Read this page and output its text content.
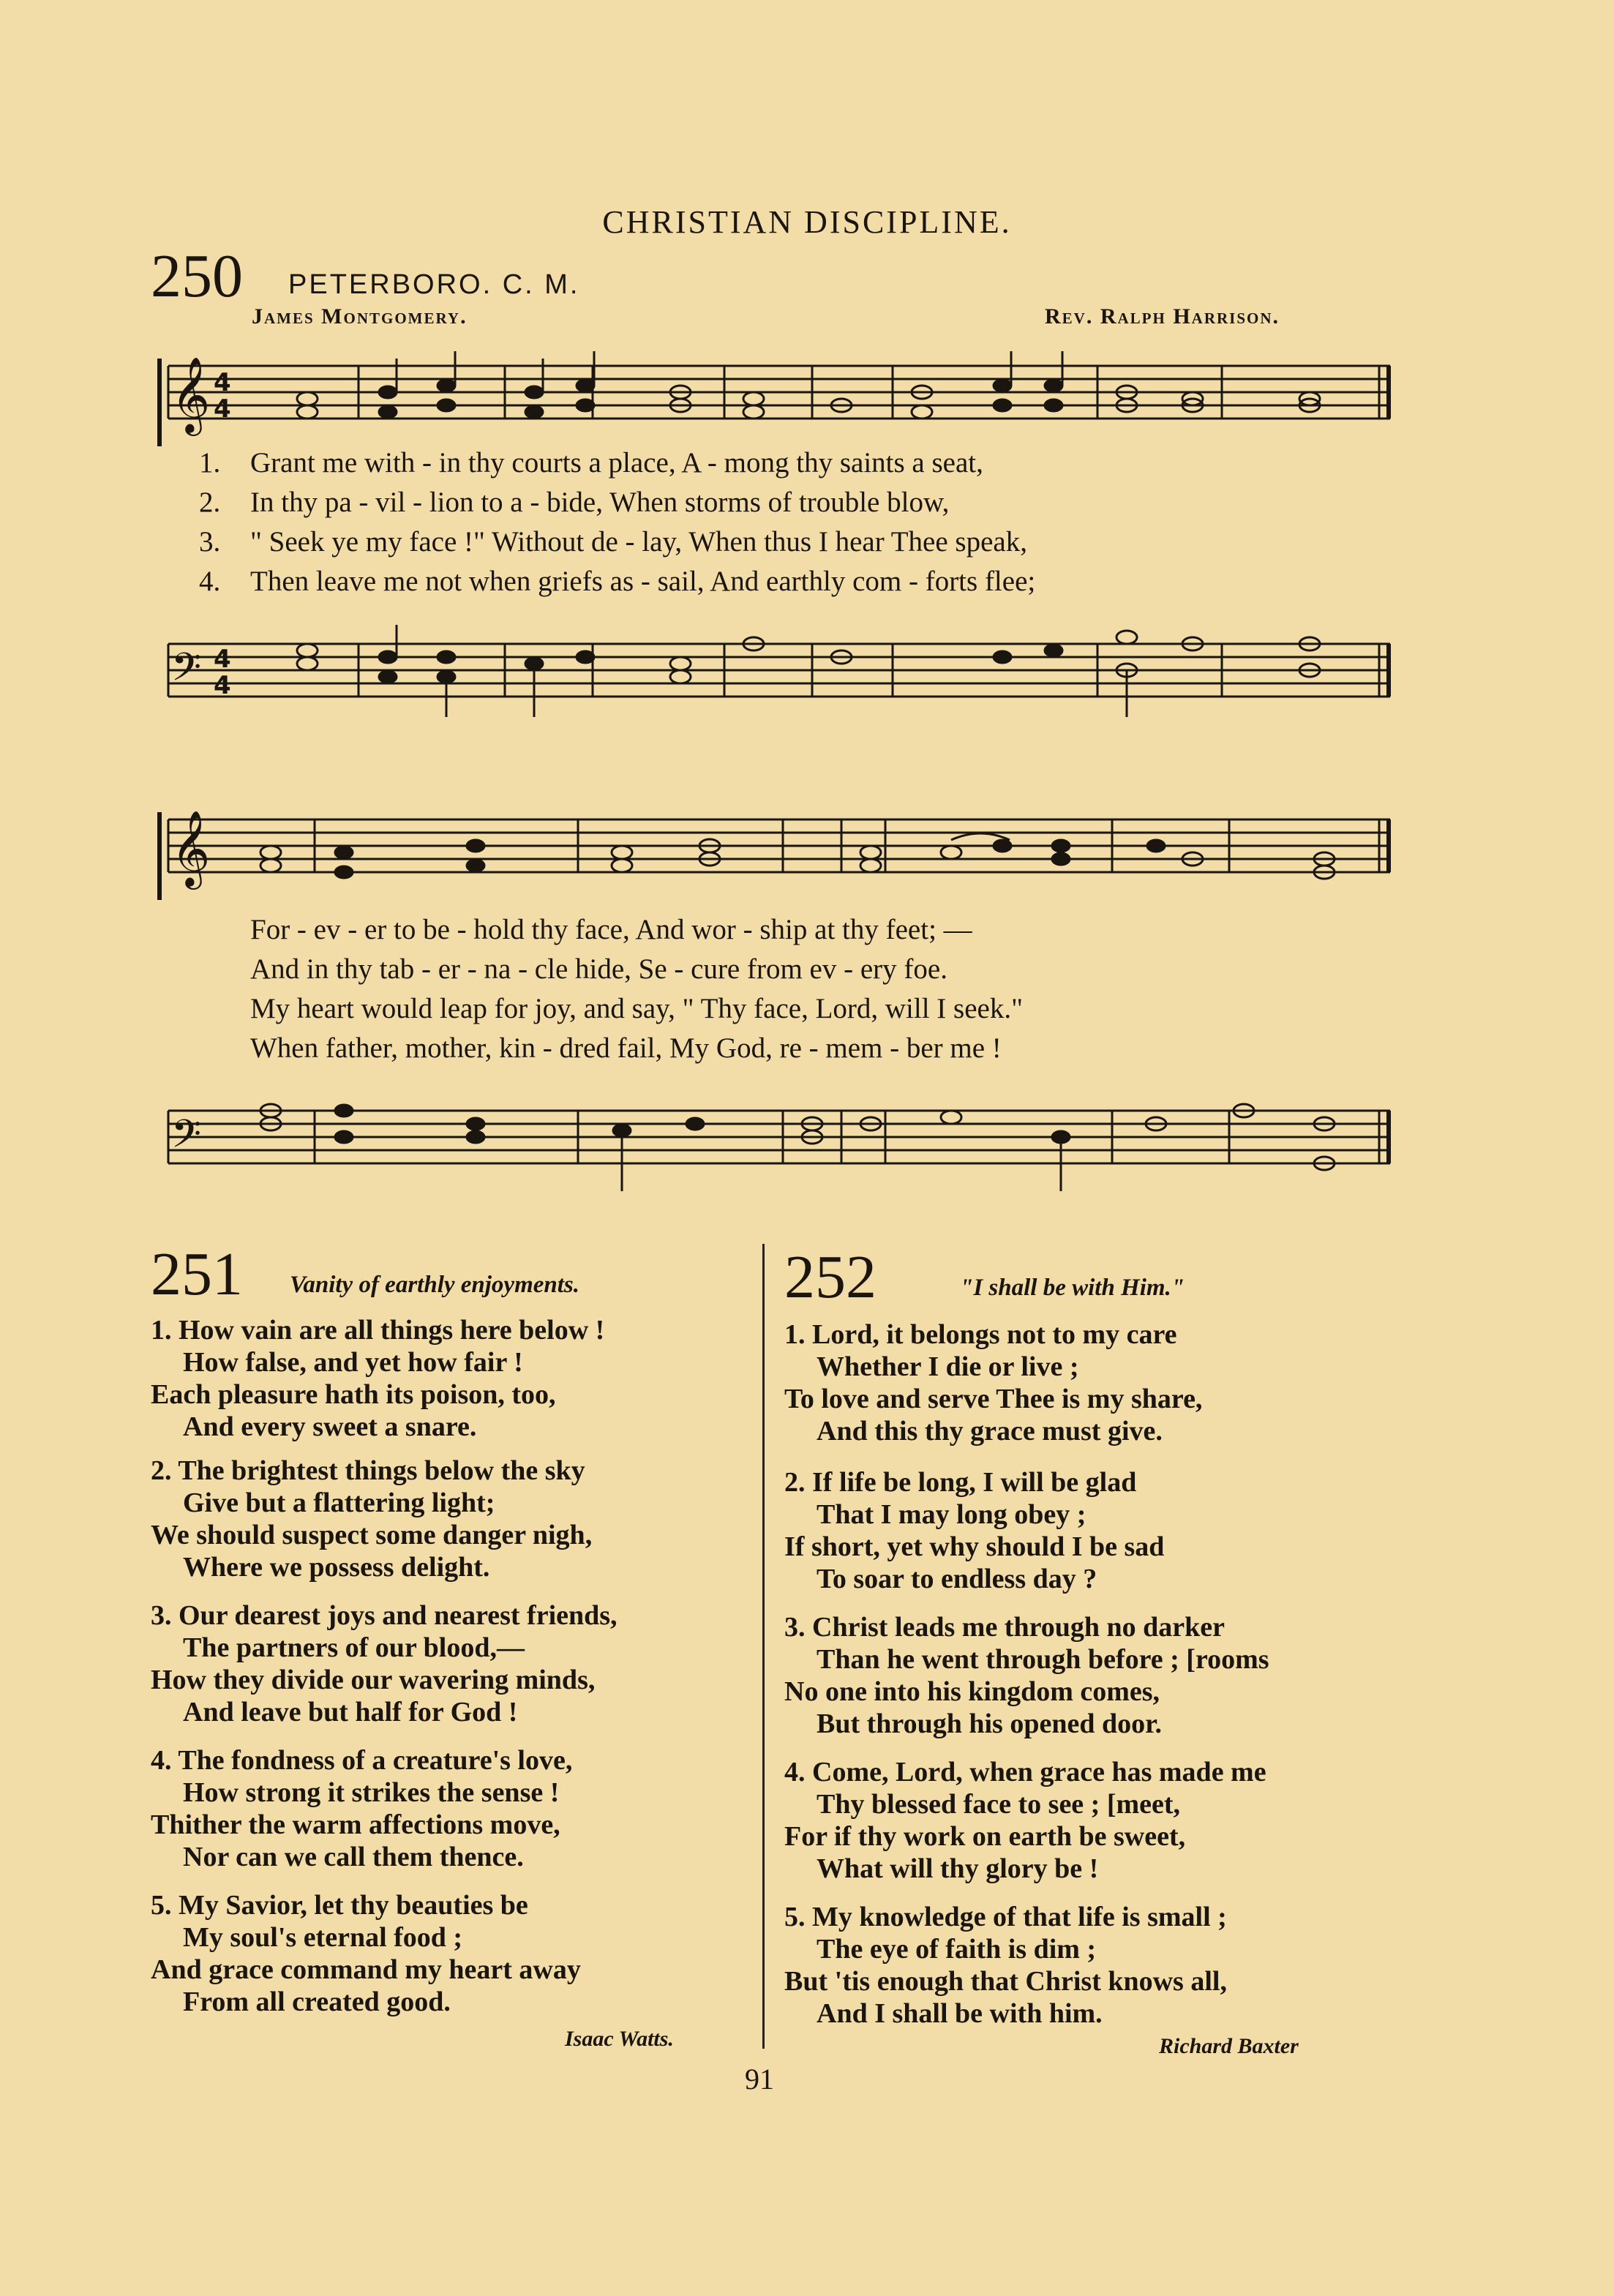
CHRISTIAN DISCIPLINE.
250 PETERBORO. C. M.
James Montgomery.	Rev. Ralph Harrison.
𝄞 4
4
1. Grant me with - in thy courts a place, A - mong thy saints a seat,
2. In thy pa - vil - lion to a - bide, When storms of trouble blow,
3. " Seek ye my face !" Without de - lay, When thus I hear Thee speak,
4. Then leave me not when griefs as - sail, And earthly com - forts flee;
𝄢 4
4
𝄞
For - ev - er to be - hold thy face, And wor - ship at thy feet; —
And in thy tab - er - na - cle hide, Se - cure from ev - ery foe.
My heart would leap for joy, and say, " Thy face, Lord, will I seek."
When father, mother, kin - dred fail, My God, re - mem - ber me !
𝄢
251 Vanity of earthly enjoyments.
1. How vain are all things here below !
How false, and yet how fair !
Each pleasure hath its poison, too,
And every sweet a snare.
2. The brightest things below the sky
Give but a flattering light;
We should suspect some danger nigh,
Where we possess delight.
3. Our dearest joys and nearest friends,
The partners of our blood,—
How they divide our wavering minds,
And leave but half for God !
4. The fondness of a creature's love,
How strong it strikes the sense !
Thither the warm affections move,
Nor can we call them thence.
5. My Savior, let thy beauties be
My soul's eternal food ;
And grace command my heart away
From all created good.
Isaac Watts.
252	"I shall be with Him."
1. Lord, it belongs not to my care
Whether I die or live ;
To love and serve Thee is my share,
And this thy grace must give.
2. If life be long, I will be glad
That I may long obey ;
If short, yet why should I be sad
To soar to endless day ?
3. Christ leads me through no darker
Than he went through before ; [rooms
No one into his kingdom comes,
But through his opened door.
4. Come, Lord, when grace has made me
Thy blessed face to see ; [meet,
For if thy work on earth be sweet,
What will thy glory be !
5. My knowledge of that life is small ;
The eye of faith is dim ;
But 'tis enough that Christ knows all,
And I shall be with him.
Richard Baxter
91
